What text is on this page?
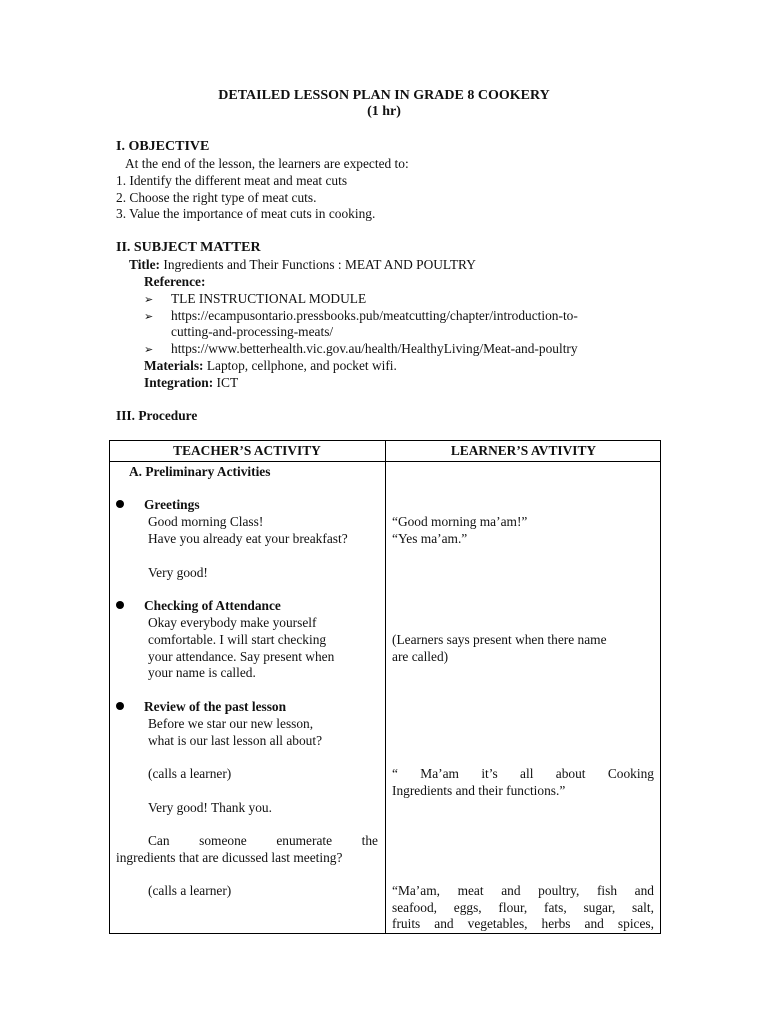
DETAILED LESSON PLAN IN GRADE 8 COOKERY
(1 hr)
I. OBJECTIVE
At the end of the lesson, the learners are expected to:
1. Identify the different meat and meat cuts
2. Choose the right type of meat cuts.
3. Value the importance of meat cuts in cooking.
II. SUBJECT MATTER
Title: Ingredients and Their Functions : MEAT AND POULTRY
Reference:
➢ TLE INSTRUCTIONAL MODULE
➢ https://ecampusontario.pressbooks.pub/meatcutting/chapter/introduction-to-
cutting-and-processing-meats/
➢ https://www.betterhealth.vic.gov.au/health/HealthyLiving/Meat-and-poultry
Materials: Laptop, cellphone, and pocket wifi.
Integration: ICT
III. Procedure
TEACHER’S ACTIVITY	LEARNER’S AVTIVITY
A. Preliminary Activities
Greetings
Good morning Class!
Have you already eat your breakfast?
Very good!
“Good morning ma’am!”
“Yes ma’am.”
Checking of Attendance
Okay everybody make yourself
comfortable. I will start checking
your attendance. Say present when
your name is called.
(Learners says present when there name
are called)
Review of the past lesson
Before we star our new lesson,
what is our last lesson all about?
(calls a learner)
Very good! Thank you.
“ Ma’am it’s all about Cooking
Ingredients and their functions.”
Can someone enumerate the
ingredients that are dicussed last meeting?
(calls a learner)	“Ma’am, meat and poultry, fish and
seafood, eggs, flour, fats, sugar, salt,
fruits and vegetables, herbs and spices,
